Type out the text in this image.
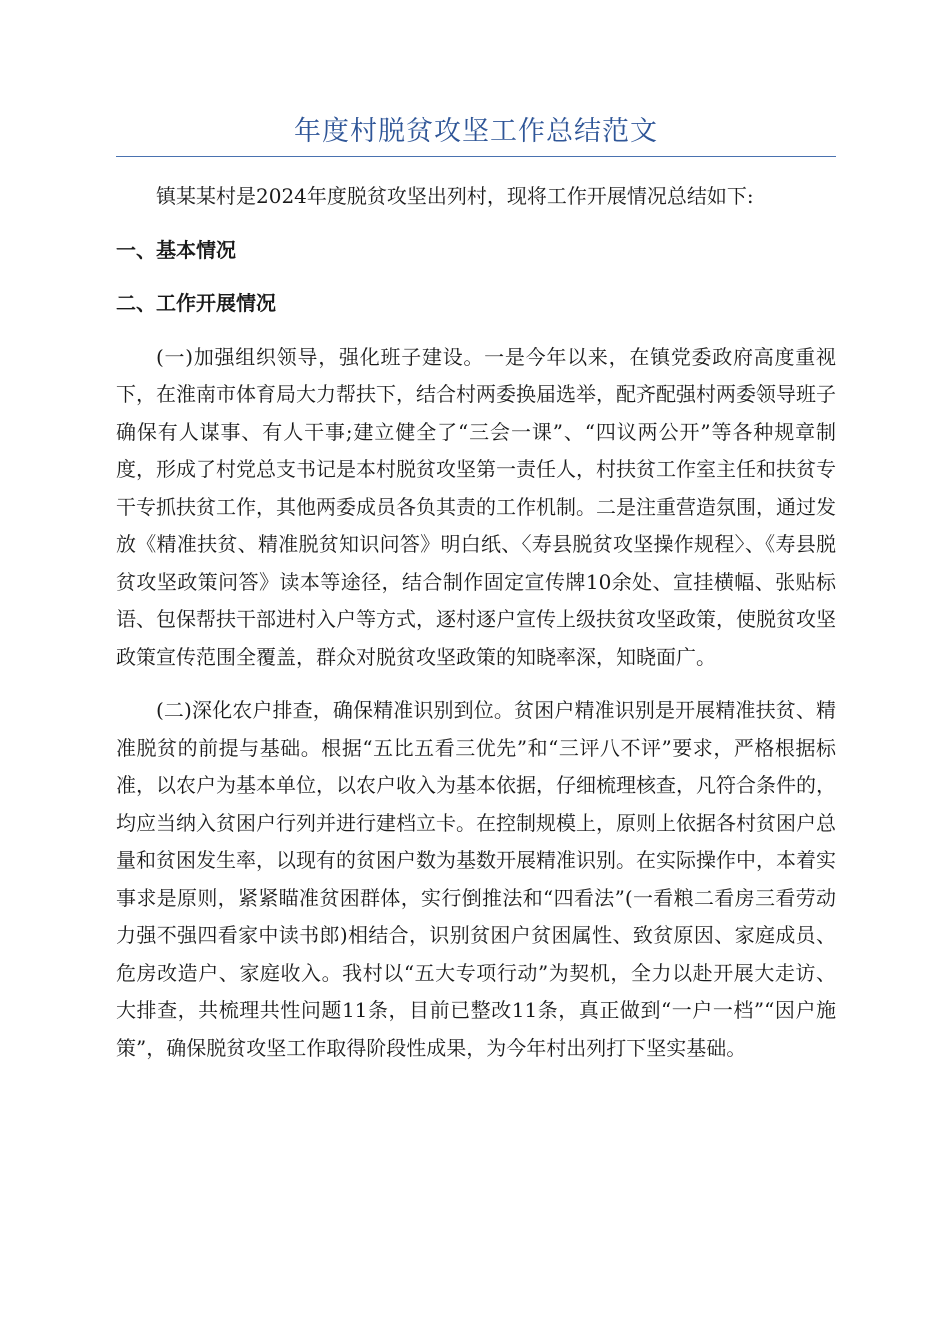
年度村脱贫攻坚工作总结范文

镇某某村是2024年度脱贫攻坚出列村，现将工作开展情况总结如下:

一、基本情况

二、工作开展情况

(一)加强组织领导，强化班子建设。一是今年以来，在镇党委政府高度重视下，在淮南市体育局大力帮扶下，结合村两委换届选举，配齐配强村两委领导班子确保有人谋事、有人干事;建立健全了“三会一课”、“四议两公开”等各种规章制度，形成了村党总支书记是本村脱贫攻坚第一责任人，村扶贫工作室主任和扶贫专干专抓扶贫工作，其他两委成员各负其责的工作机制。二是注重营造氛围，通过发放《精准扶贫、精准脱贫知识问答》明白纸、〈寿县脱贫攻坚操作规程〉、《寿县脱贫攻坚政策问答》读本等途径，结合制作固定宣传牌10余处、宣挂横幅、张贴标语、包保帮扶干部进村入户等方式，逐村逐户宣传上级扶贫攻坚政策，使脱贫攻坚政策宣传范围全覆盖，群众对脱贫攻坚政策的知晓率深，知晓面广。

(二)深化农户排查，确保精准识别到位。贫困户精准识别是开展精准扶贫、精准脱贫的前提与基础。根据“五比五看三优先”和“三评八不评”要求，严格根据标准，以农户为基本单位，以农户收入为基本依据，仔细梳理核查，凡符合条件的，均应当纳入贫困户行列并进行建档立卡。在控制规模上，原则上依据各村贫困户总量和贫困发生率，以现有的贫困户数为基数开展精准识别。在实际操作中，本着实事求是原则，紧紧瞄准贫困群体，实行倒推法和“四看法”(一看粮二看房三看劳动力强不强四看家中读书郎)相结合，识别贫困户贫困属性、致贫原因、家庭成员、危房改造户、家庭收入。我村以“五大专项行动”为契机，全力以赴开展大走访、大排查，共梳理共性问题11条，目前已整改11条，真正做到“一户一档”“因户施策”，确保脱贫攻坚工作取得阶段性成果，为今年村出列打下坚实基础。
